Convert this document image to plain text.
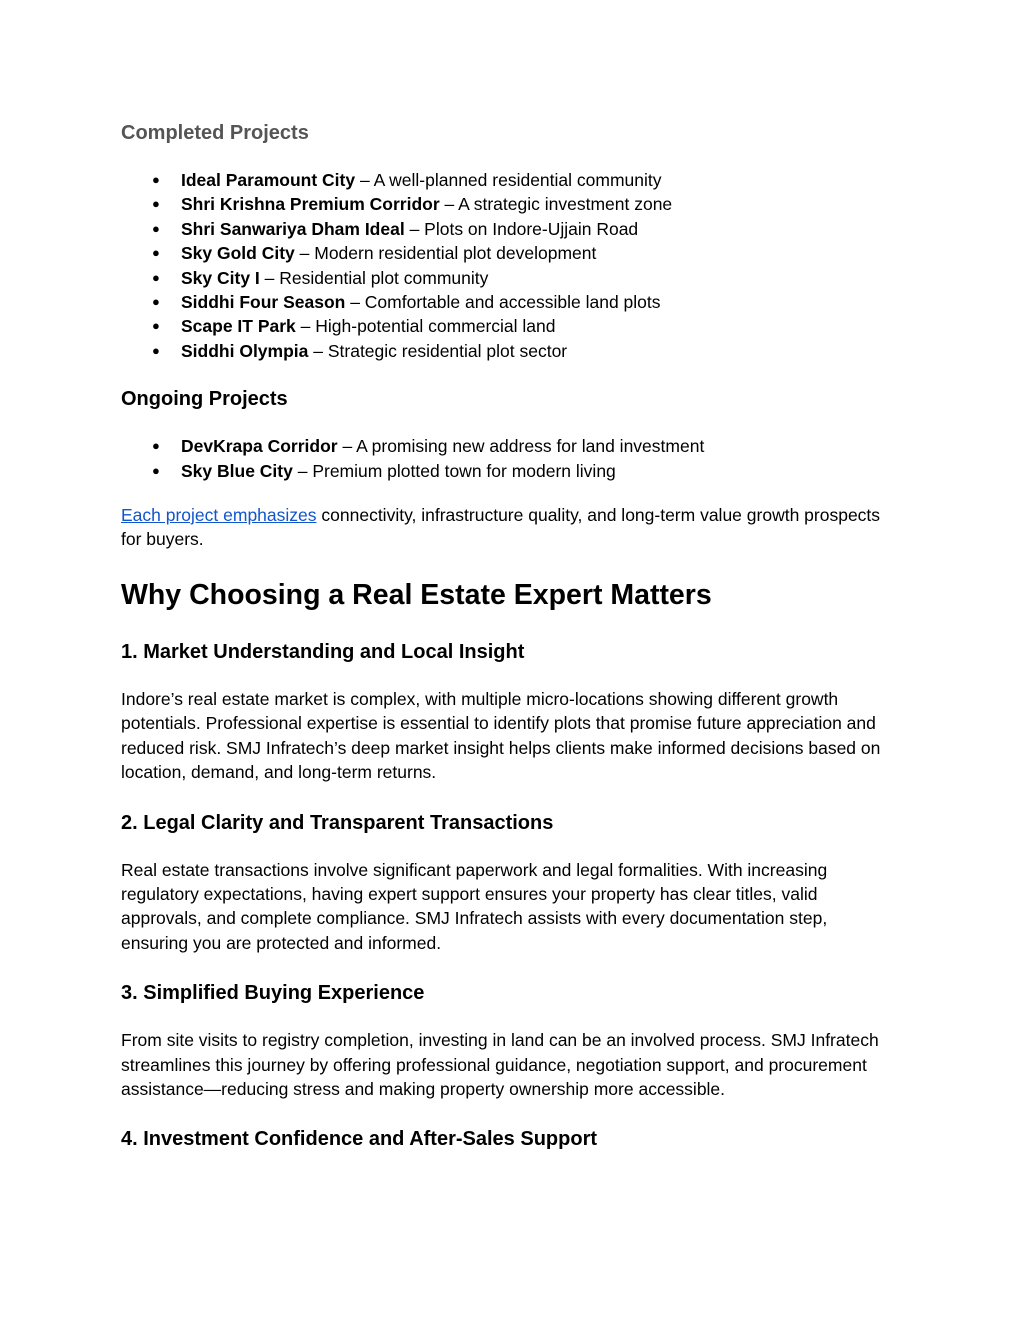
Completed Projects
● Ideal Paramount City – A well-planned residential community
● Shri Krishna Premium Corridor – A strategic investment zone
● Shri Sanwariya Dham Ideal – Plots on Indore-Ujjain Road
● Sky Gold City – Modern residential plot development
● Sky City I – Residential plot community
● Siddhi Four Season – Comfortable and accessible land plots
● Scape IT Park – High-potential commercial land
● Siddhi Olympia – Strategic residential plot sector
Ongoing Projects
● DevKrapa Corridor – A promising new address for land investment
● Sky Blue City – Premium plotted town for modern living

Each project emphasizes connectivity, infrastructure quality, and long-term value growth prospects for buyers.

Why Choosing a Real Estate Expert Matters
1. Market Understanding and Local Insight

Indore’s real estate market is complex, with multiple micro-locations showing different growth potentials. Professional expertise is essential to identify plots that promise future appreciation and reduced risk. SMJ Infratech’s deep market insight helps clients make informed decisions based on location, demand, and long-term returns.

2. Legal Clarity and Transparent Transactions

Real estate transactions involve significant paperwork and legal formalities. With increasing regulatory expectations, having expert support ensures your property has clear titles, valid approvals, and complete compliance. SMJ Infratech assists with every documentation step, ensuring you are protected and informed.

3. Simplified Buying Experience

From site visits to registry completion, investing in land can be an involved process. SMJ Infratech streamlines this journey by offering professional guidance, negotiation support, and procurement assistance—reducing stress and making property ownership more accessible.

4. Investment Confidence and After-Sales Support
